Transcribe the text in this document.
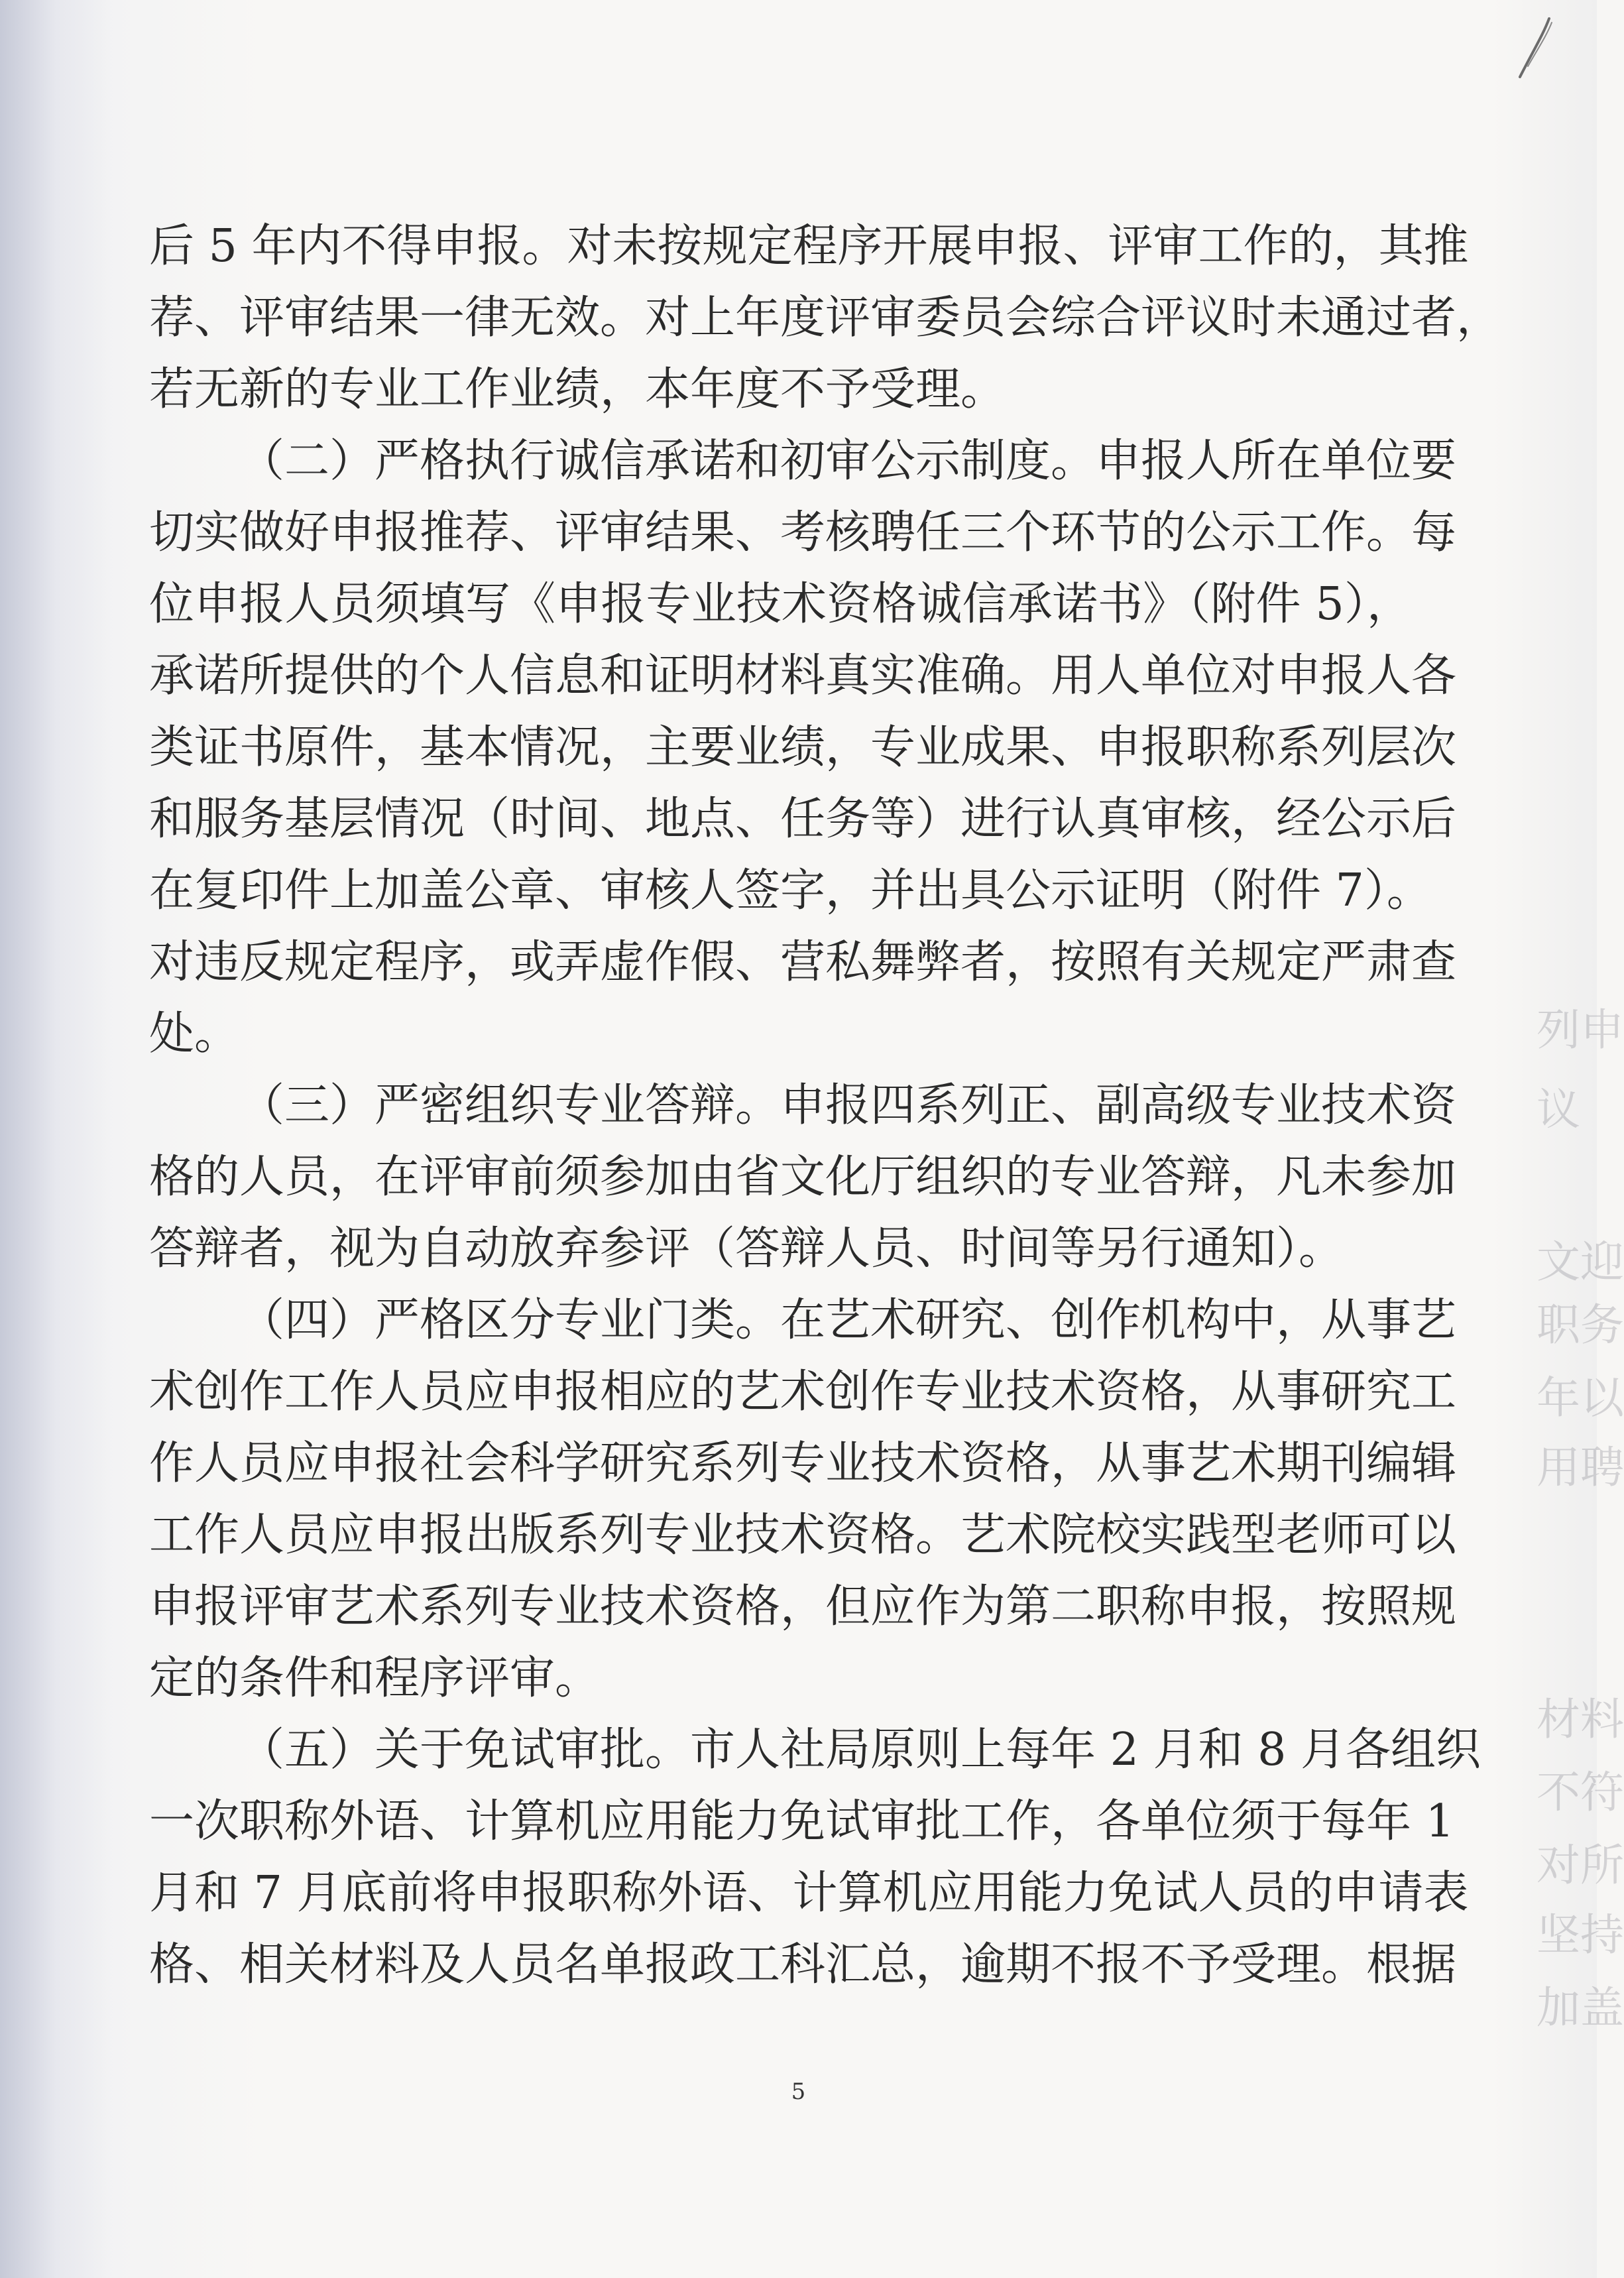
列申
议
文迎
职务
年以
用聘
材料
不符
对所
坚持
加盖
后 5 年内不得申报。对未按规定程序开展申报、评审工作的，其推
荐、评审结果一律无效。对上年度评审委员会综合评议时未通过者，
若无新的专业工作业绩，本年度不予受理。
（二）严格执行诚信承诺和初审公示制度。申报人所在单位要
切实做好申报推荐、评审结果、考核聘任三个环节的公示工作。每
位申报人员须填写《申报专业技术资格诚信承诺书》（附件 5），
承诺所提供的个人信息和证明材料真实准确。用人单位对申报人各
类证书原件，基本情况，主要业绩，专业成果、申报职称系列层次
和服务基层情况（时间、地点、任务等）进行认真审核，经公示后
在复印件上加盖公章、审核人签字，并出具公示证明（附件 7）。
对违反规定程序，或弄虚作假、营私舞弊者，按照有关规定严肃查
处。
（三）严密组织专业答辩。申报四系列正、副高级专业技术资
格的人员，在评审前须参加由省文化厅组织的专业答辩，凡未参加
答辩者，视为自动放弃参评（答辩人员、时间等另行通知）。
（四）严格区分专业门类。在艺术研究、创作机构中，从事艺
术创作工作人员应申报相应的艺术创作专业技术资格，从事研究工
作人员应申报社会科学研究系列专业技术资格，从事艺术期刊编辑
工作人员应申报出版系列专业技术资格。艺术院校实践型老师可以
申报评审艺术系列专业技术资格，但应作为第二职称申报，按照规
定的条件和程序评审。
（五）关于免试审批。市人社局原则上每年 2 月和 8 月各组织
一次职称外语、计算机应用能力免试审批工作，各单位须于每年 1
月和 7 月底前将申报职称外语、计算机应用能力免试人员的申请表
格、相关材料及人员名单报政工科汇总，逾期不报不予受理。根据
5
